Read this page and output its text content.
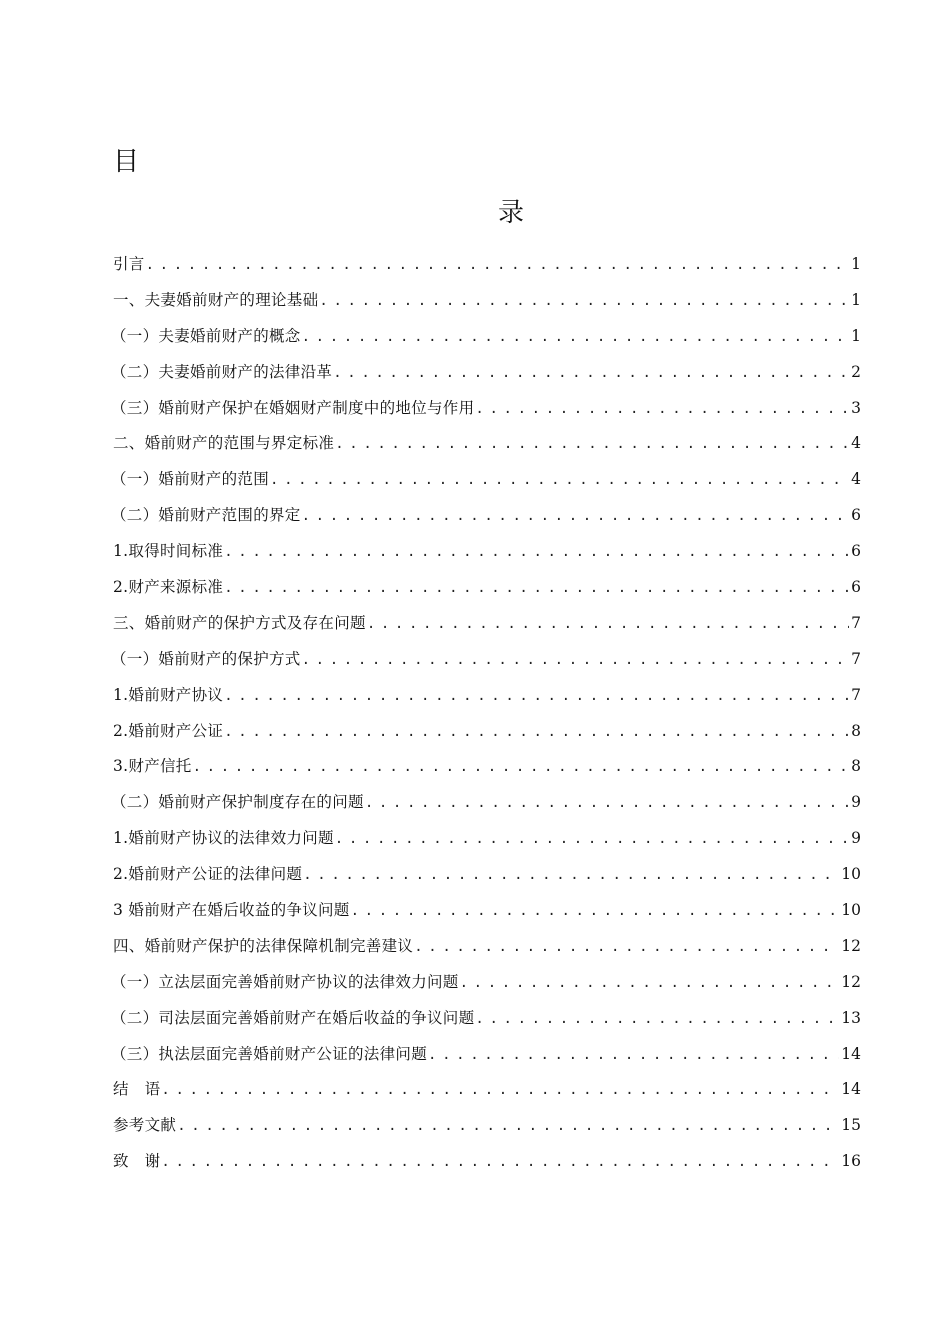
目
录
引言 . . .	1
一、夫妻婚前财产的理论基础 . . .	1
（一）夫妻婚前财产的概念 . . .	1
（二）夫妻婚前财产的法律沿革 . . .	2
（三）婚前财产保护在婚姻财产制度中的地位与作用 . . .	3
二、婚前财产的范围与界定标准 . . .	4
（一）婚前财产的范围 . . .	4
（二）婚前财产范围的界定 . . .	6
1.取得时间标准 . . .	6
2.财产来源标准 . . .	6
三、婚前财产的保护方式及存在问题 . . .	7
（一）婚前财产的保护方式 . . .	7
1.婚前财产协议 . . .	7
2.婚前财产公证 . . .	8
3.财产信托 . . .	8
（二）婚前财产保护制度存在的问题 . . .	9
1.婚前财产协议的法律效力问题 . . .	9
2.婚前财产公证的法律问题 . . .	10
3 婚前财产在婚后收益的争议问题 . . .	10
四、婚前财产保护的法律保障机制完善建议 . . .	12
（一）立法层面完善婚前财产协议的法律效力问题 . . .	12
（二）司法层面完善婚前财产在婚后收益的争议问题 . . .	13
（三）执法层面完善婚前财产公证的法律问题 . . .	14
结　语 . . .	14
参考文献 . . .	15
致　谢 . . .	16
